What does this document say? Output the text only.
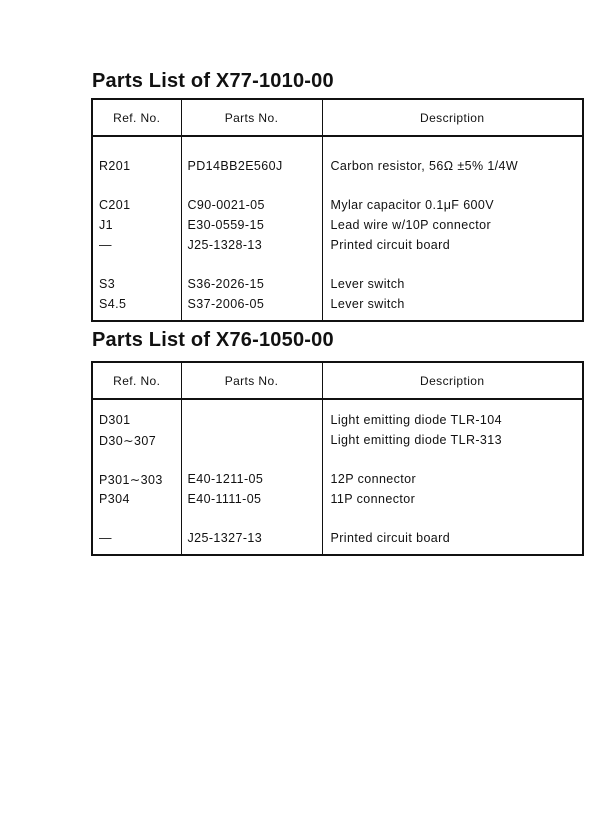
Parts List of X77-1010-00
Ref. No.	Parts No.	Description

R201	PD14BB2E560J	Carbon resistor, 56Ω ±5% 1/4W

C201	C90-0021-05	Mylar capacitor 0.1μF 600V
J1	E30-0559-15	Lead wire w/10P connector
—	J25-1328-13	Printed circuit board

S3	S36-2026-15	Lever switch
S4.5	S37-2006-05	Lever switch

Parts List of X76-1050-00
Ref. No.	Parts No.	Description

D301		Light emitting diode TLR-104
D30∼307		Light emitting diode TLR-313

P301∼303	E40-1211-05	12P connector
P304	E40-1111-05	11P connector

—	J25-1327-13	Printed circuit board
